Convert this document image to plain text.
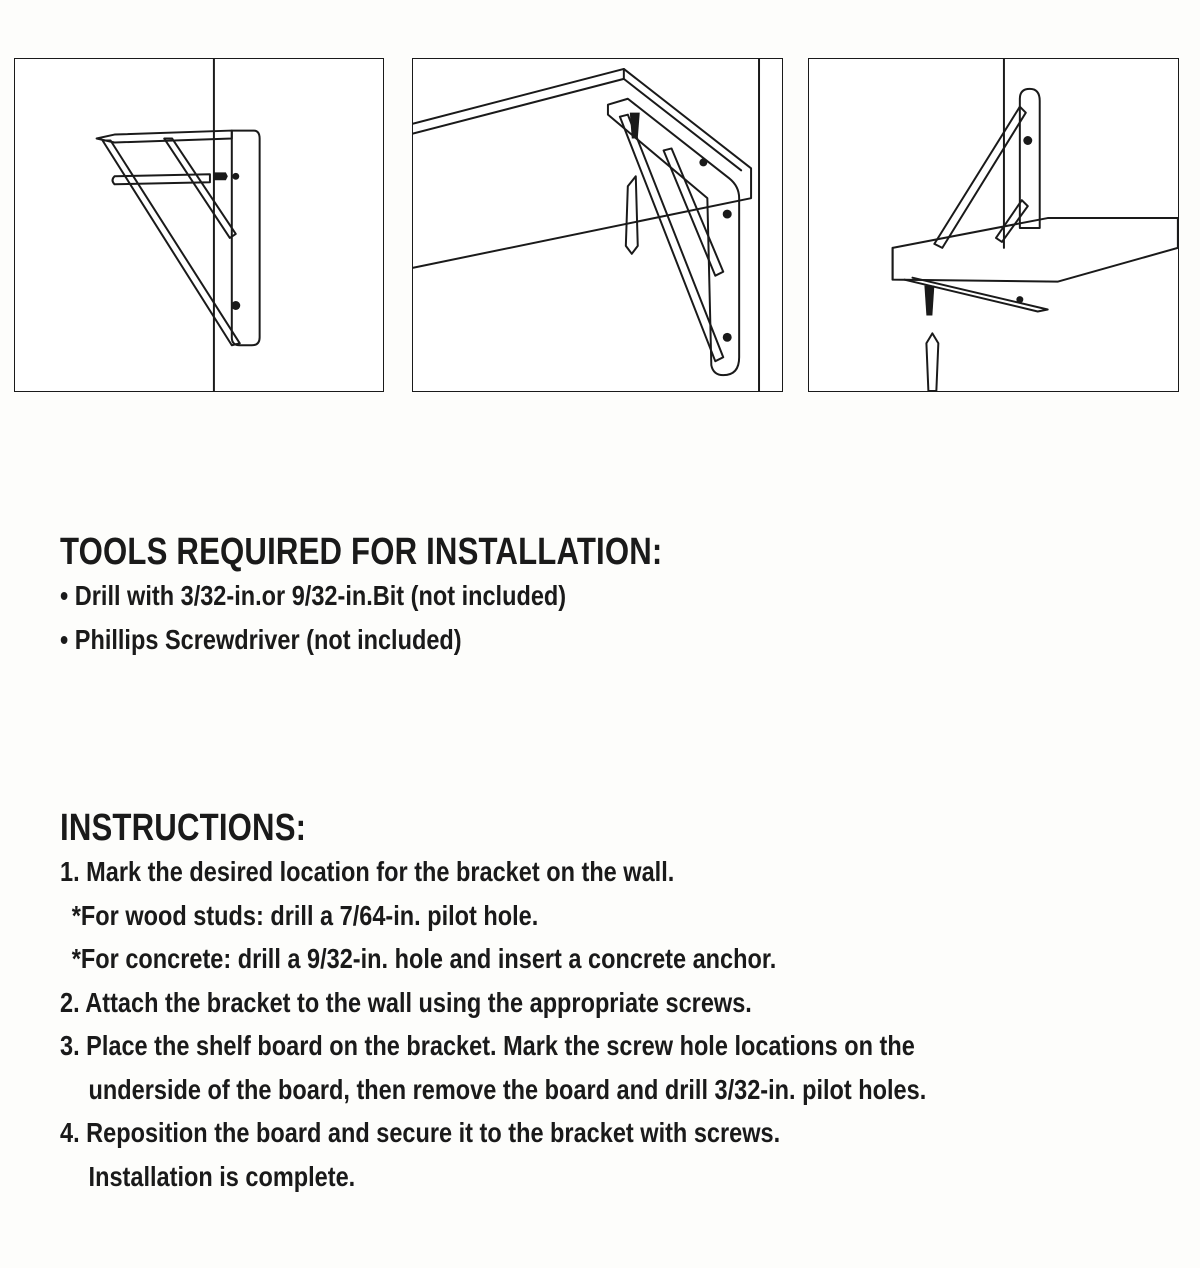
TOOLS REQUIRED FOR INSTALLATION:

• Drill with 3/32-in.or 9/32-in.Bit (not included)

• Phillips Screwdriver (not included)

INSTRUCTIONS:

1. Mark the desired location for the bracket on the wall.

*For wood studs: drill a 7/64-in. pilot hole.

*For concrete: drill a 9/32-in. hole and insert a concrete anchor.

2. Attach the bracket to the wall using the appropriate screws.

3. Place the shelf board on the bracket. Mark the screw hole locations on the

underside of the board, then remove the board and drill 3/32-in. pilot holes.

4. Reposition the board and secure it to the bracket with screws.

Installation is complete.
